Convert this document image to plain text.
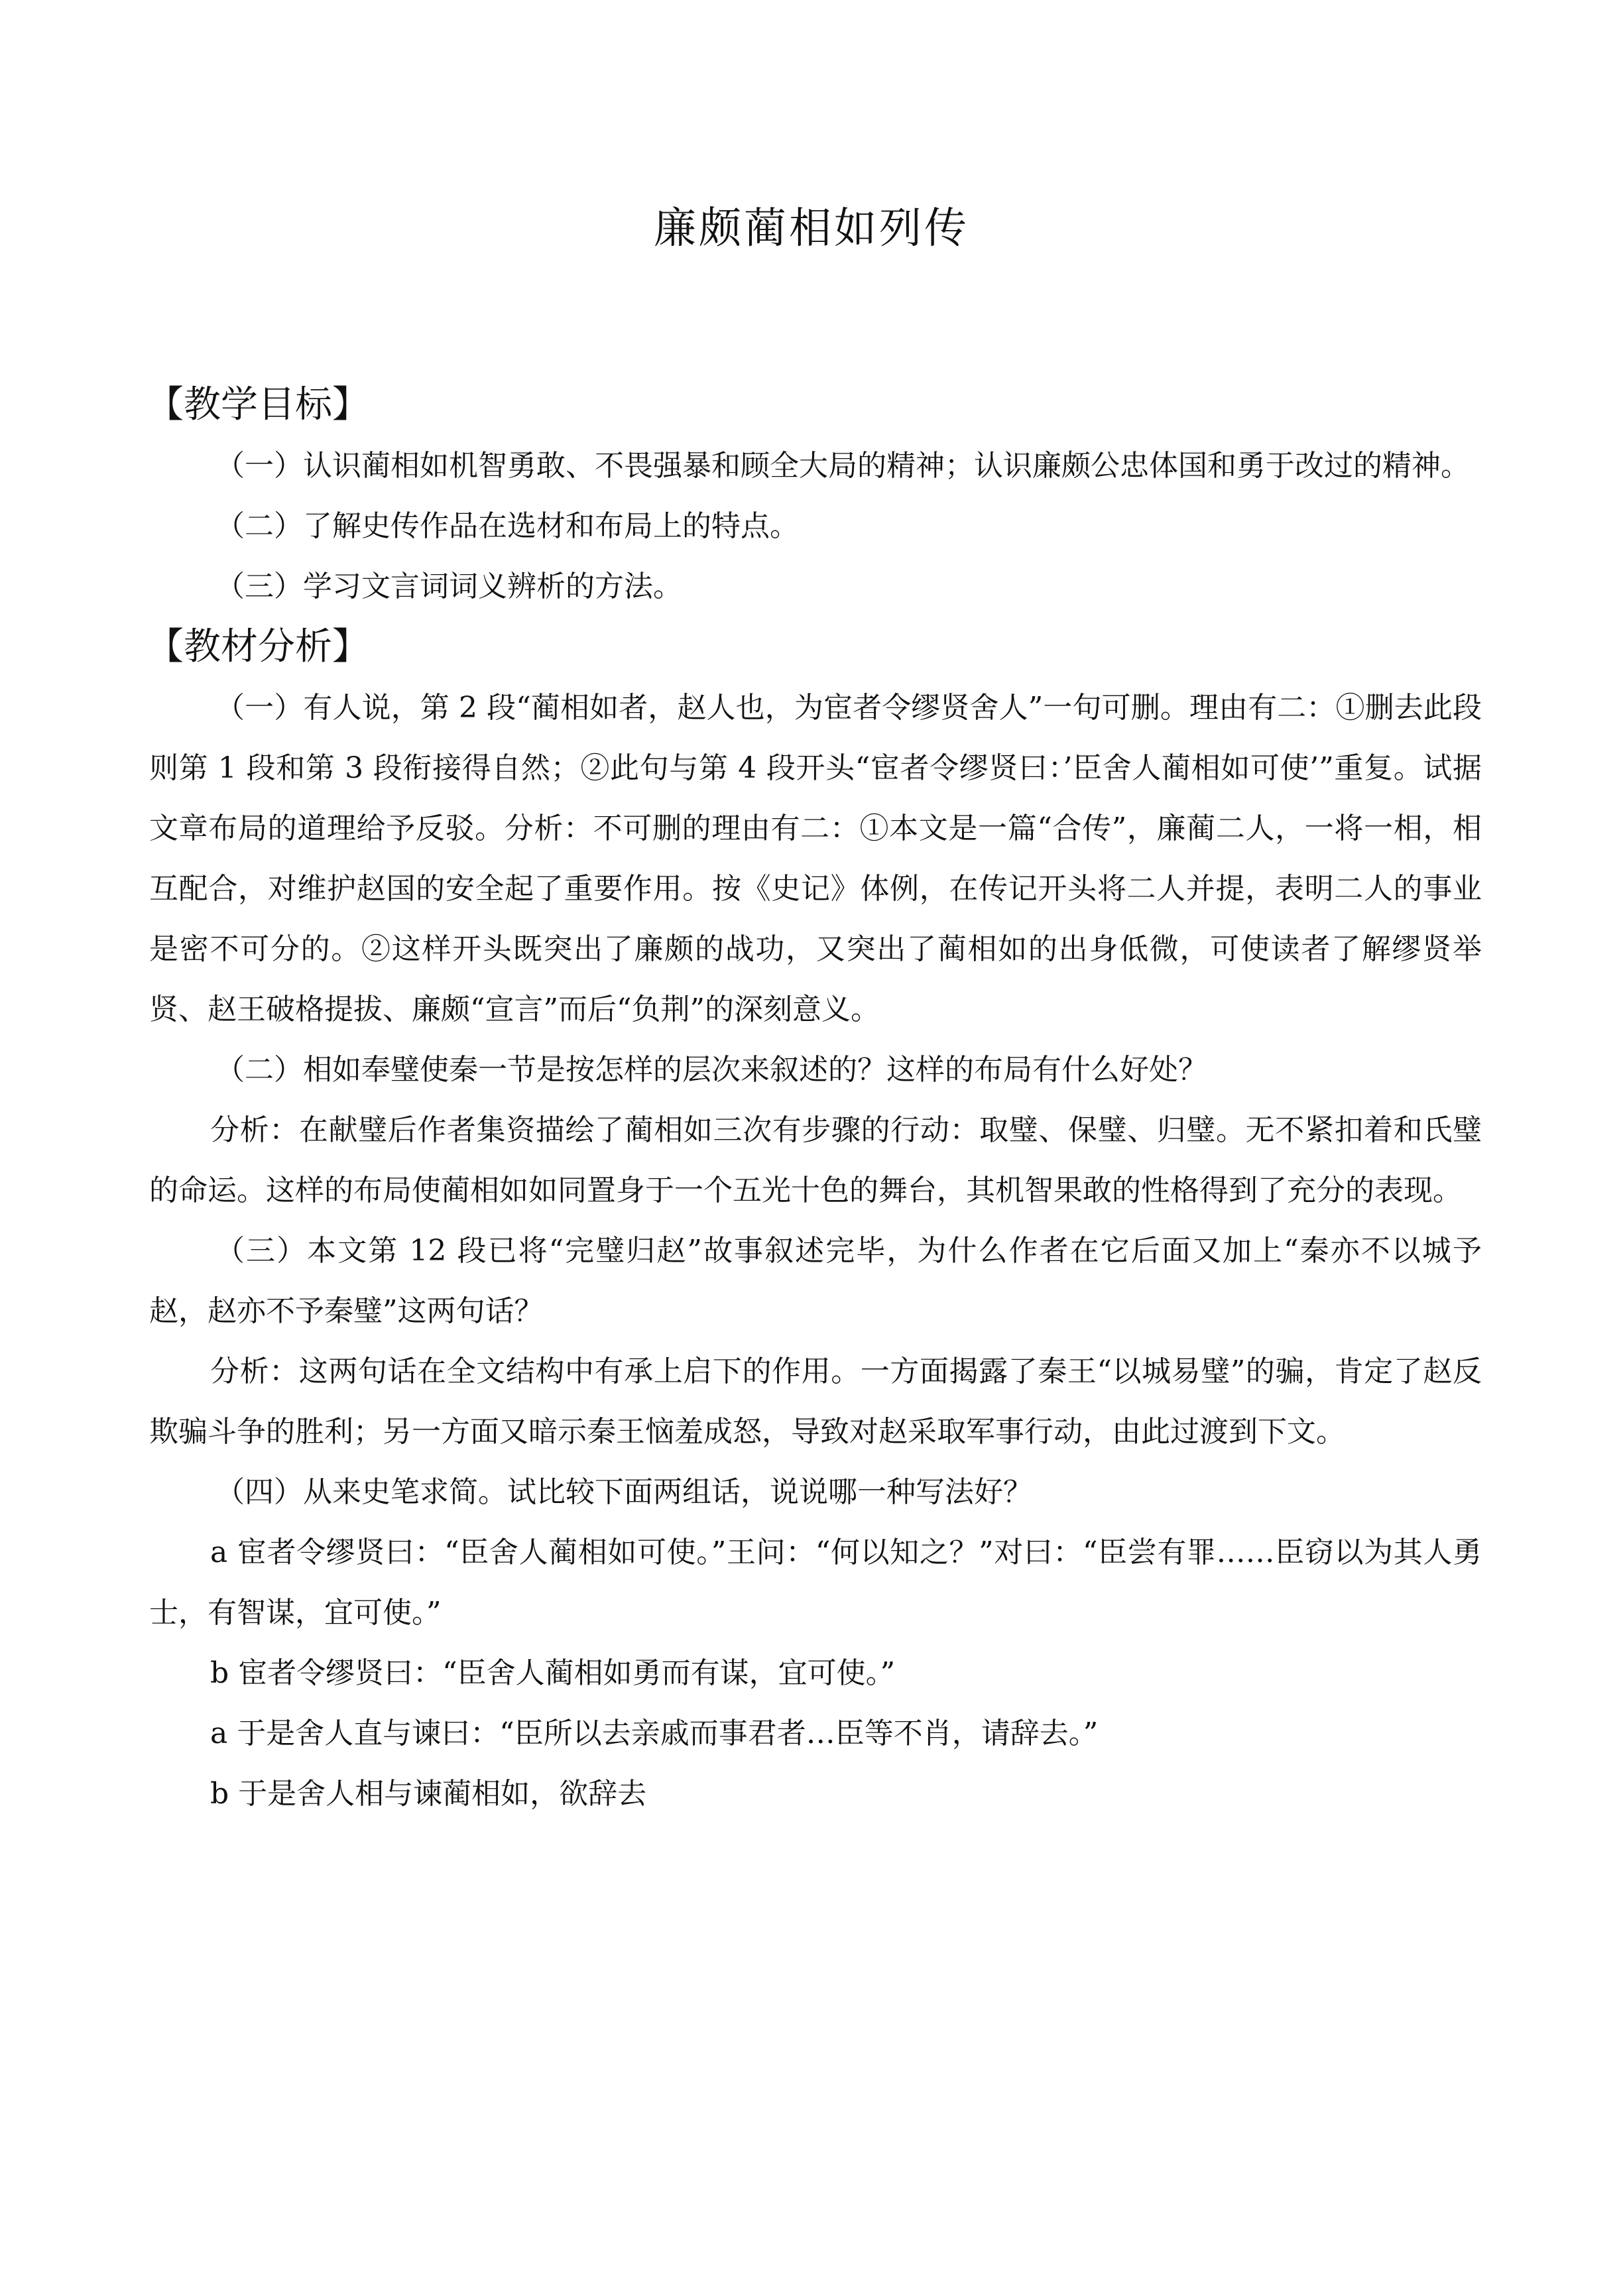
廉颇蔺相如列传
【教学目标】

（一）认识蔺相如机智勇敢、不畏强暴和顾全大局的精神；认识廉颇公忠体国和勇于改过的精神。

（二）了解史传作品在选材和布局上的特点。

（三）学习文言词词义辨析的方法。

【教材分析】

（一）有人说，第 2 段“蔺相如者，赵人也，为宦者令缪贤舍人”一句可删。理由有二：①删去此段则第 1 段和第 3 段衔接得自然；②此句与第 4 段开头“宦者令缪贤曰：’臣舍人蔺相如可使’”重复。试据文章布局的道理给予反驳。分析：不可删的理由有二：①本文是一篇“合传”，廉蔺二人，一将一相，相互配合，对维护赵国的安全起了重要作用。按《史记》体例，在传记开头将二人并提，表明二人的事业是密不可分的。②这样开头既突出了廉颇的战功，又突出了蔺相如的出身低微，可使读者了解缪贤举贤、赵王破格提拔、廉颇“宣言”而后“负荆”的深刻意义。

（二）相如奉璧使秦一节是按怎样的层次来叙述的？这样的布局有什么好处？

分析：在献璧后作者集资描绘了蔺相如三次有步骤的行动：取璧、保璧、归璧。无不紧扣着和氏璧的命运。这样的布局使蔺相如如同置身于一个五光十色的舞台，其机智果敢的性格得到了充分的表现。

（三）本文第 12 段已将“完璧归赵”故事叙述完毕，为什么作者在它后面又加上“秦亦不以城予赵，赵亦不予秦璧”这两句话？

分析：这两句话在全文结构中有承上启下的作用。一方面揭露了秦王“以城易璧”的骗，肯定了赵反欺骗斗争的胜利；另一方面又暗示秦王恼羞成怒，导致对赵采取军事行动，由此过渡到下文。

（四）从来史笔求简。试比较下面两组话，说说哪一种写法好？

a 宦者令缪贤曰：“臣舍人蔺相如可使。”王问：“何以知之？”对曰：“臣尝有罪……臣窃以为其人勇士，有智谋，宜可使。”

b 宦者令缪贤曰：“臣舍人蔺相如勇而有谋，宜可使。”

a 于是舍人直与谏曰：“臣所以去亲戚而事君者…臣等不肖，请辞去。”

b 于是舍人相与谏蔺相如，欲辞去
